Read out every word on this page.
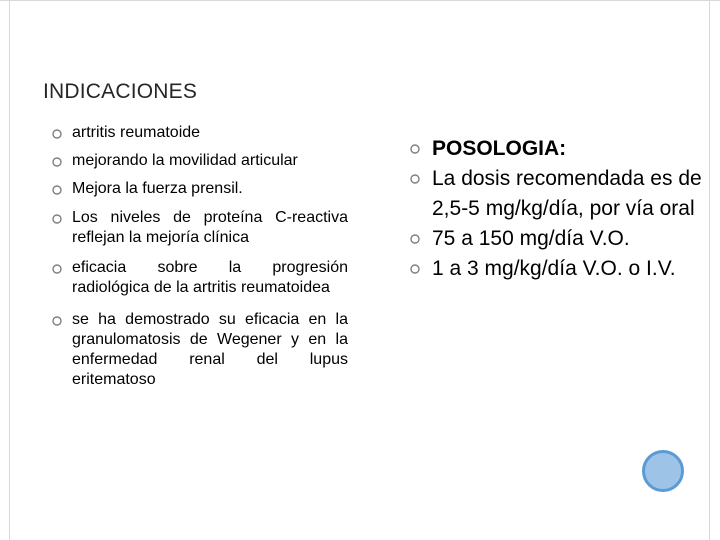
INDICACIONES
artritis reumatoide
mejorando la movilidad articular
Mejora la fuerza prensil.
Los niveles de proteína C-reactiva reflejan la mejoría clínica
eficacia sobre la progresión radiológica de la artritis reumatoidea
se ha demostrado su eficacia en la granulomatosis de Wegener y en la enfermedad renal del lupus eritematoso
POSOLOGIA:
La dosis recomendada es de 2,5-5 mg/kg/día, por vía oral
75 a 150 mg/día V.O.
1 a 3 mg/kg/día V.O. o I.V.
